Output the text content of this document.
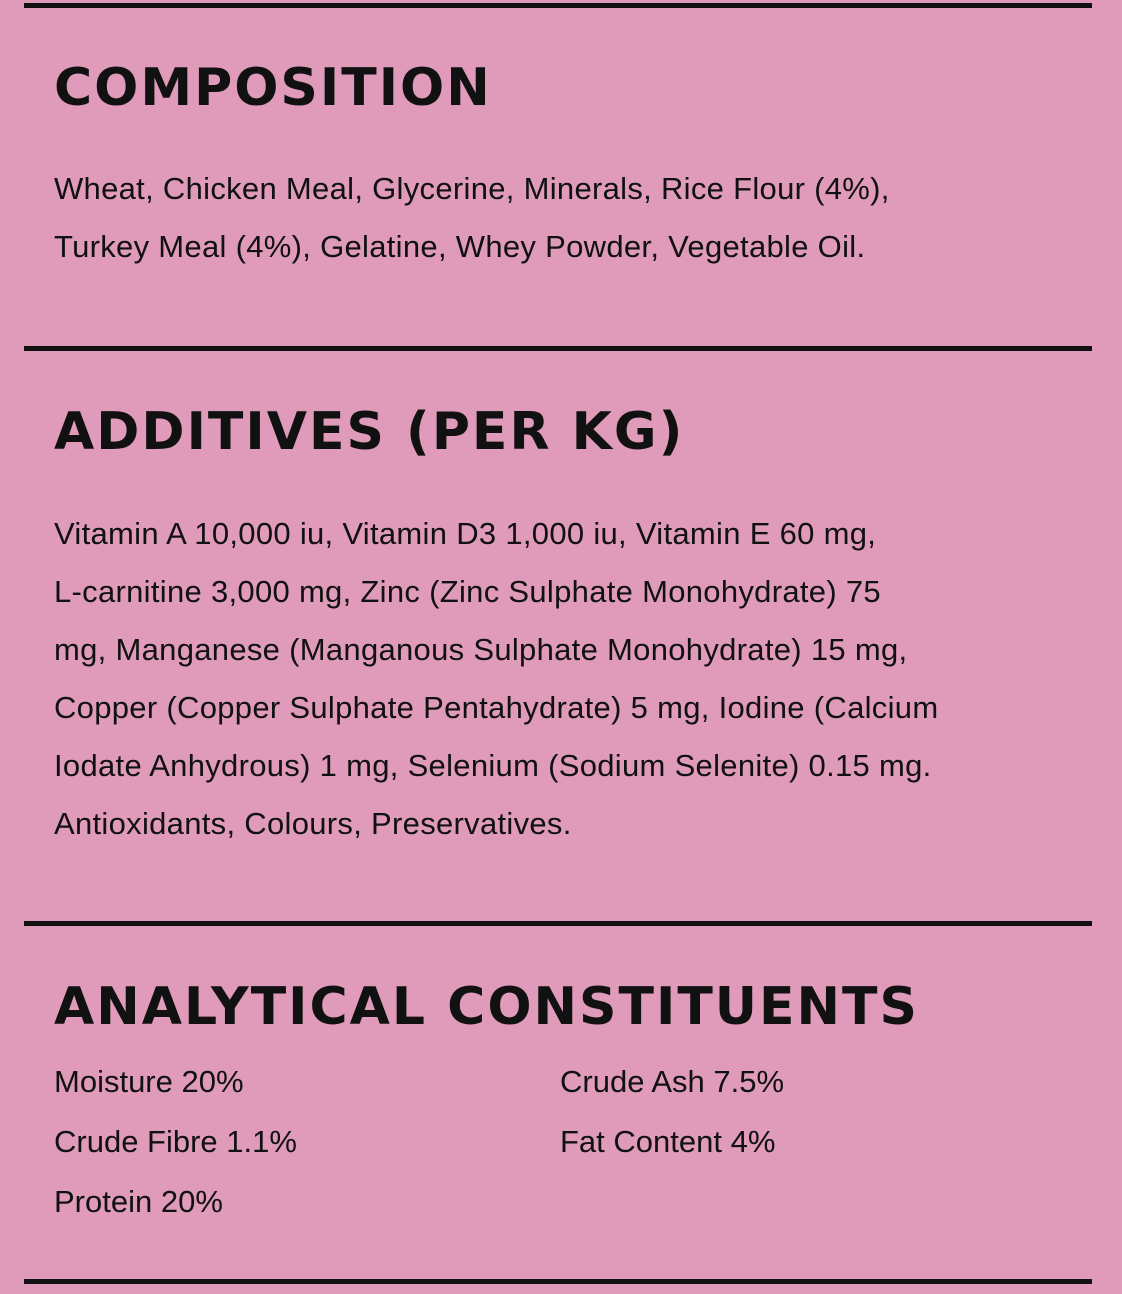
COMPOSITION

Wheat, Chicken Meal, Glycerine, Minerals, Rice Flour (4%),
Turkey Meal (4%), Gelatine, Whey Powder, Vegetable Oil.

ADDITIVES (PER KG)

Vitamin A 10,000 iu, Vitamin D3 1,000 iu, Vitamin E 60 mg,
L-carnitine 3,000 mg, Zinc (Zinc Sulphate Monohydrate) 75
mg, Manganese (Manganous Sulphate Monohydrate) 15 mg,
Copper (Copper Sulphate Pentahydrate) 5 mg, Iodine (Calcium
Iodate Anhydrous) 1 mg, Selenium (Sodium Selenite) 0.15 mg.
Antioxidants, Colours, Preservatives.

ANALYTICAL CONSTITUENTS
Moisture 20%
Crude Fibre 1.1%
Protein 20%
Crude Ash 7.5%
Fat Content 4%
